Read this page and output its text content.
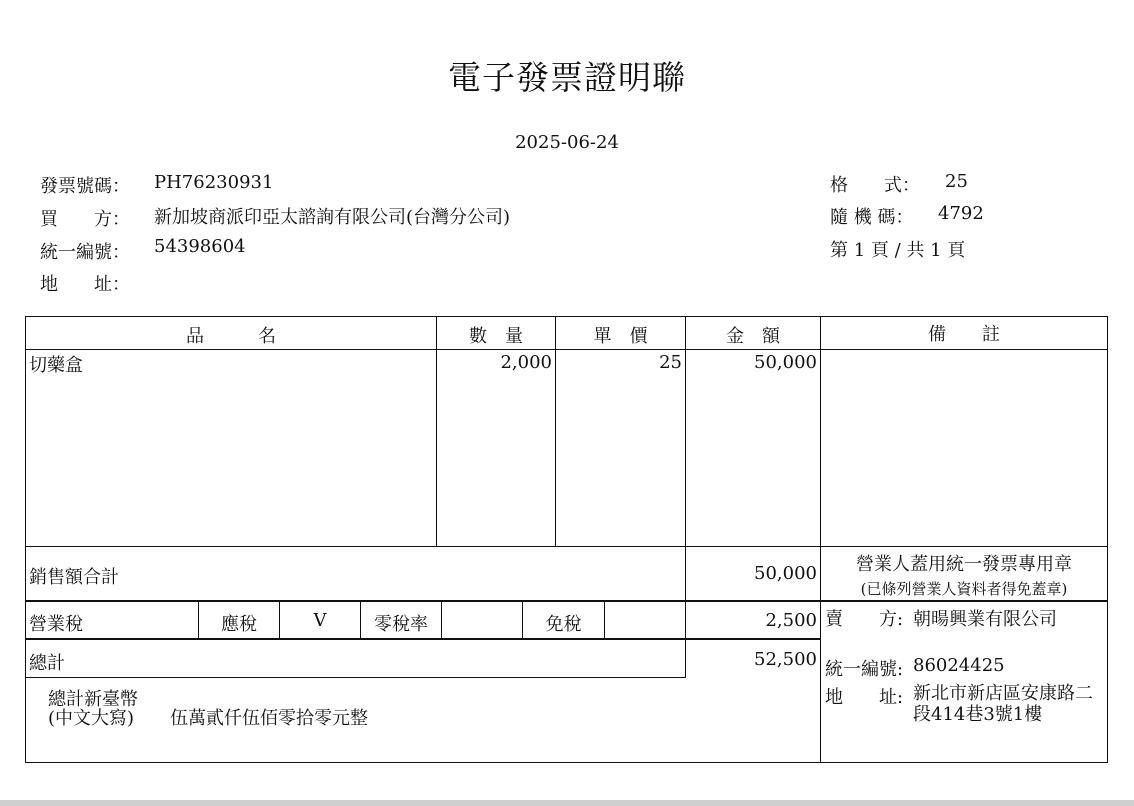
電子發票證明聯
2025-06-24
發票號碼： PH76230931
買　　方： 新加坡商派印亞太諮詢有限公司(台灣分公司)
統一編號： 54398604
地　　址：
格　　式： 25
隨 機 碼： 4792
第 1 頁 / 共 1 頁
品　　　名	數　量	單　價	金　額	備　　註
切藥盒	2,000	25	50,000
銷售額合計	50,000	營業人蓋用統一發票專用章
(已條列營業人資料者得免蓋章)
營業稅	應稅	V	零稅率	免稅	2,500
總計	52,500
總計新臺幣
(中文大寫) 伍萬貳仟伍佰零拾零元整
賣　　方: 朝暘興業有限公司
統一編號: 86024425
地　　址: 新北市新店區安康路二
段414巷3號1樓
